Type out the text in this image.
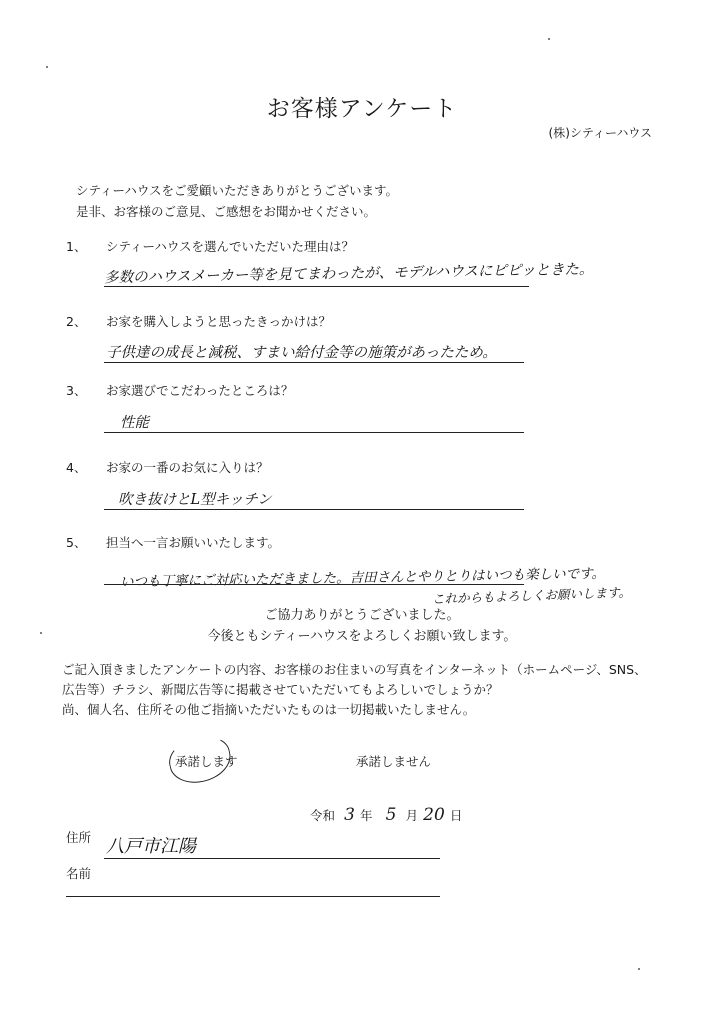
お客様アンケート
(株)シティーハウス
シティーハウスをご愛顧いただきありがとうございます。
是非、お客様のご意見、ご感想をお聞かせください。
1、 シティーハウスを選んでいただいた理由は？
多数のハウスメーカー等を見てまわったが、モデルハウスにピピッときた。
2、 お家を購入しようと思ったきっかけは？
子供達の成長と減税、すまい給付金等の施策があったため。
3、 お家選びでこだわったところは？
性能
4、 お家の一番のお気に入りは？
吹き抜けとL型キッチン
5、 担当へ一言お願いいたします。
いつも丁寧にご対応いただきました。吉田さんとやりとりはいつも楽しいです。
これからもよろしくお願いします。
ご協力ありがとうございました。
今後ともシティーハウスをよろしくお願い致します。
ご記入頂きましたアンケートの内容、お客様のお住まいの写真をインターネット（ホームページ、SNS、
広告等）チラシ、新聞広告等に掲載させていただいてもよろしいでしょうか？
尚、個人名、住所その他ご指摘いただいたものは一切掲載いたしません。
承諾します	承諾しません
令和 3 年 5 月 20 日
住所 八戸市江陽
名前
